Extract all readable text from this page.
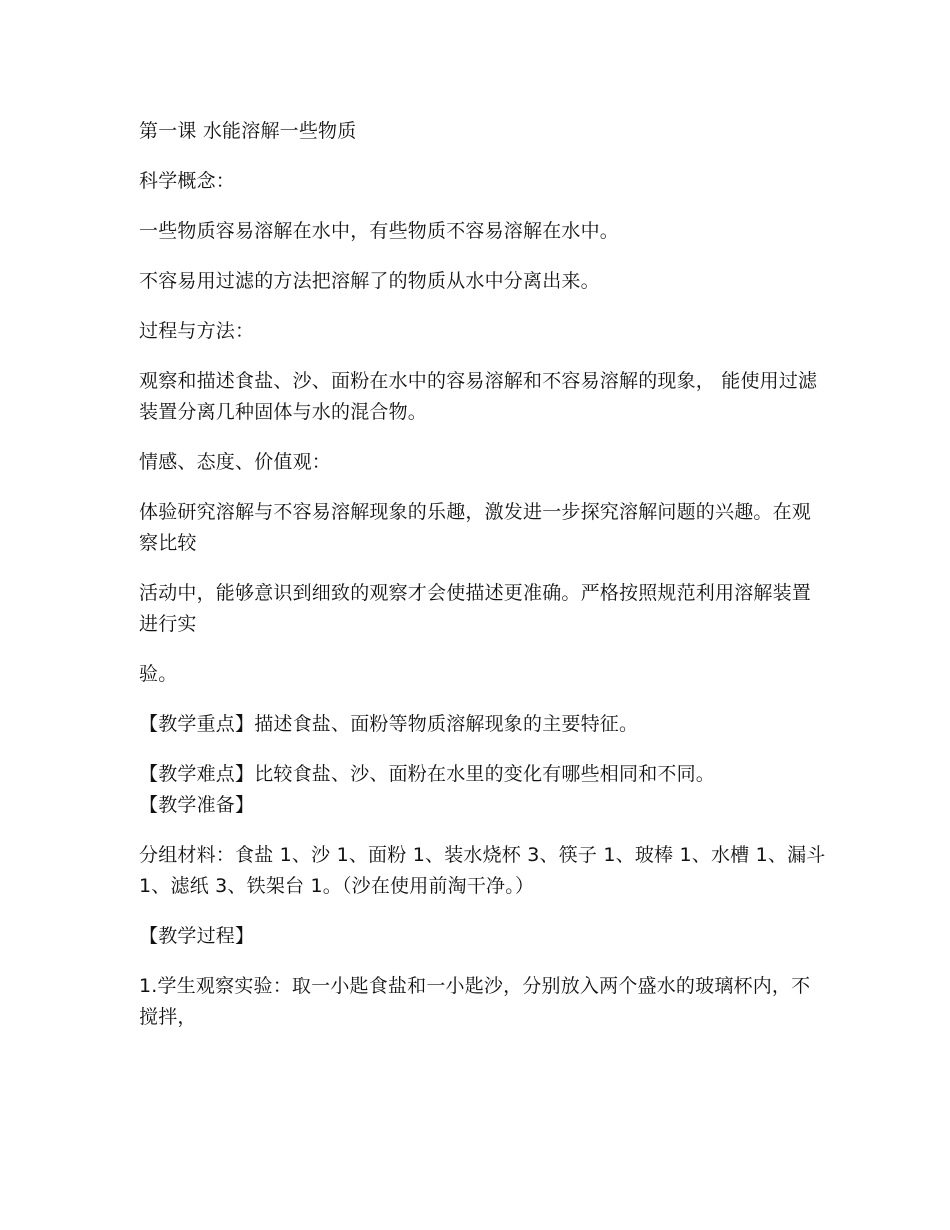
第一课 水能溶解一些物质

科学概念：

一些物质容易溶解在水中，有些物质不容易溶解在水中。

不容易用过滤的方法把溶解了的物质从水中分离出来。

过程与方法：

观察和描述食盐、沙、面粉在水中的容易溶解和不容易溶解的现象， 能使用过滤装置分离几种固体与水的混合物。

情感、态度、价值观：

体验研究溶解与不容易溶解现象的乐趣，激发进一步探究溶解问题的兴趣。在观察比较

活动中，能够意识到细致的观察才会使描述更准确。严格按照规范利用溶解装置进行实

验。

【教学重点】描述食盐、面粉等物质溶解现象的主要特征。

【教学难点】比较食盐、沙、面粉在水里的变化有哪些相同和不同。

【教学准备】

分组材料：食盐 1、沙 1、面粉 1、装水烧杯 3、筷子 1、玻棒 1、水槽 1、漏斗 1、滤纸 3、铁架台 1。（沙在使用前淘干净。）

【教学过程】

1.学生观察实验：取一小匙食盐和一小匙沙，分别放入两个盛水的玻璃杯内，不搅拌，
